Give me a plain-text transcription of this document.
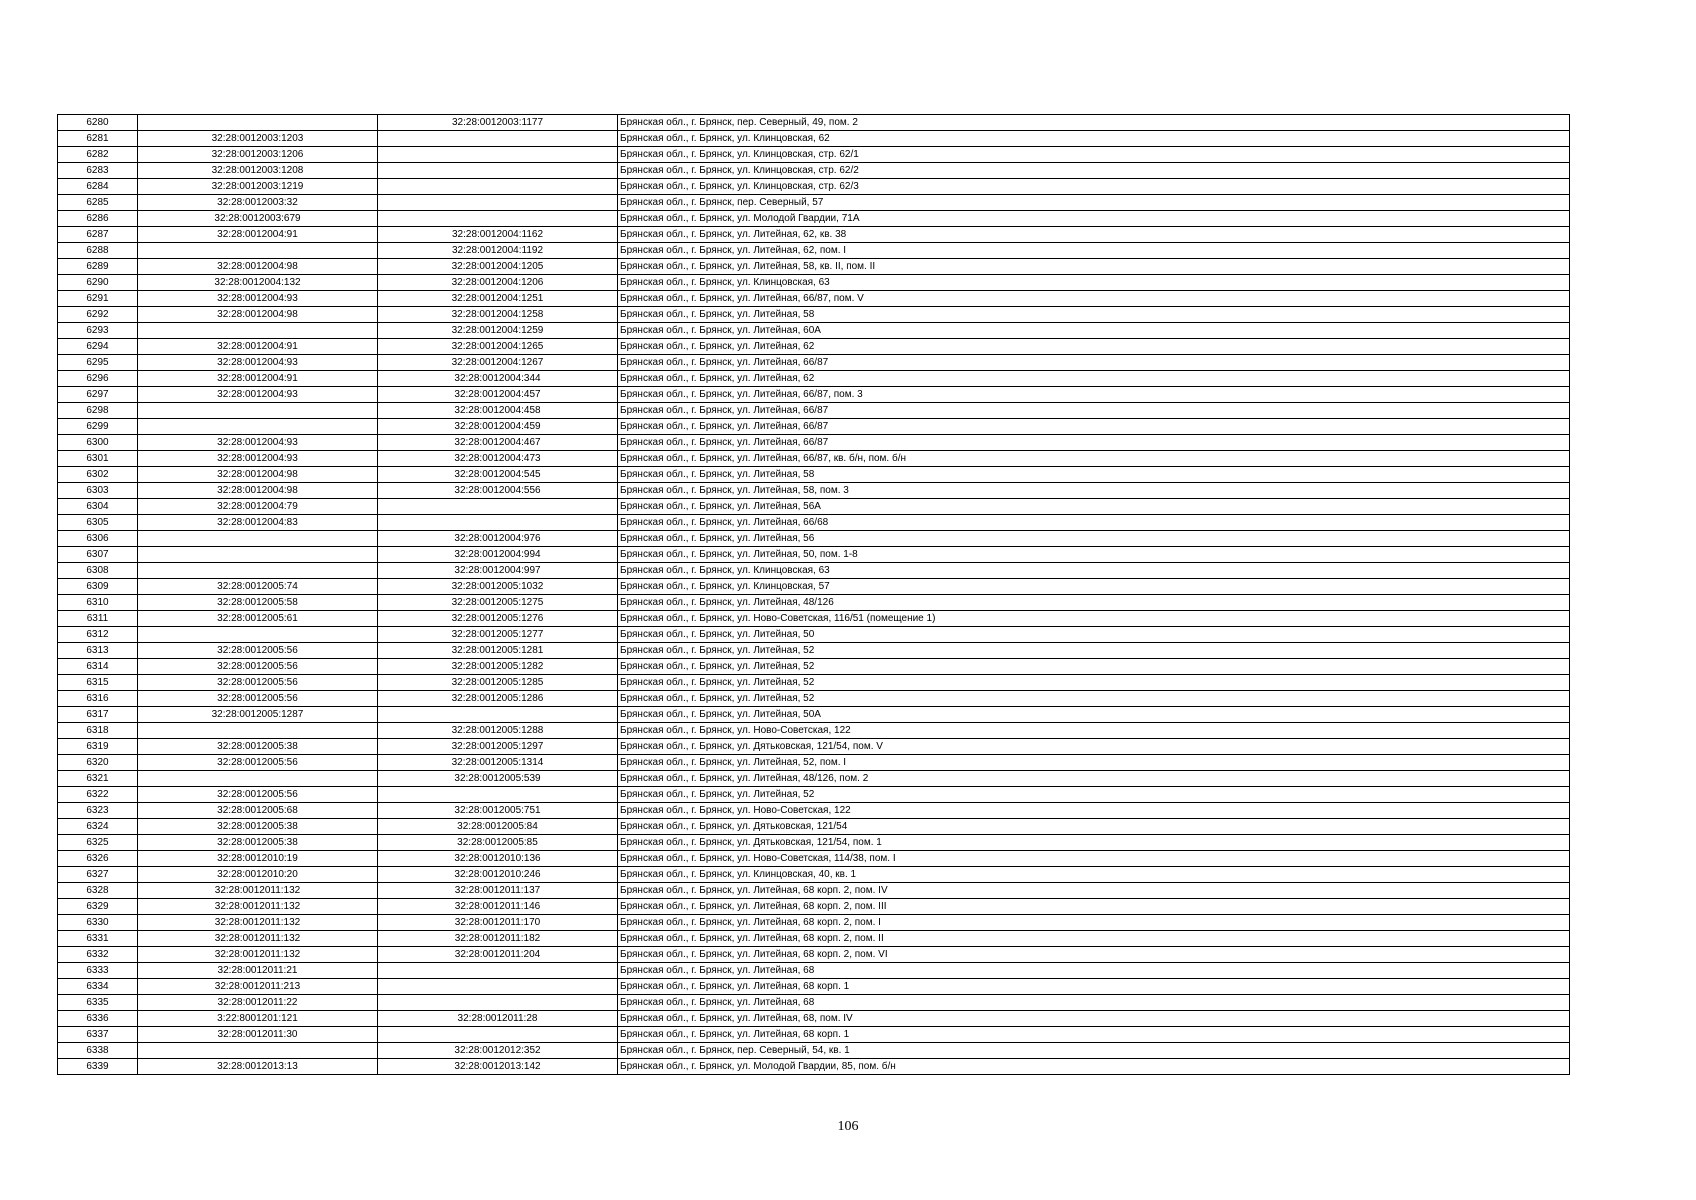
6280		32:28:0012003:1177	Брянская обл., г. Брянск, пер. Северный, 49, пом. 2
6281	32:28:0012003:1203		Брянская обл., г. Брянск, ул. Клинцовская, 62
6282	32:28:0012003:1206		Брянская обл., г. Брянск, ул. Клинцовская, стр. 62/1
6283	32:28:0012003:1208		Брянская обл., г. Брянск, ул. Клинцовская, стр. 62/2
6284	32:28:0012003:1219		Брянская обл., г. Брянск, ул. Клинцовская, стр. 62/3
6285	32:28:0012003:32		Брянская обл., г. Брянск, пер. Северный, 57
6286	32:28:0012003:679		Брянская обл., г. Брянск, ул. Молодой Гвардии, 71А
6287	32:28:0012004:91	32:28:0012004:1162	Брянская обл., г. Брянск, ул. Литейная, 62, кв. 38
6288		32:28:0012004:1192	Брянская обл., г. Брянск, ул. Литейная, 62, пом. I
6289	32:28:0012004:98	32:28:0012004:1205	Брянская обл., г. Брянск, ул. Литейная, 58, кв. II, пом. II
6290	32:28:0012004:132	32:28:0012004:1206	Брянская обл., г. Брянск, ул. Клинцовская, 63
6291	32:28:0012004:93	32:28:0012004:1251	Брянская обл., г. Брянск, ул. Литейная, 66/87, пом. V
6292	32:28:0012004:98	32:28:0012004:1258	Брянская обл., г. Брянск, ул. Литейная, 58
6293		32:28:0012004:1259	Брянская обл., г. Брянск, ул. Литейная, 60А
6294	32:28:0012004:91	32:28:0012004:1265	Брянская обл., г. Брянск, ул. Литейная, 62
6295	32:28:0012004:93	32:28:0012004:1267	Брянская обл., г. Брянск, ул. Литейная, 66/87
6296	32:28:0012004:91	32:28:0012004:344	Брянская обл., г. Брянск, ул. Литейная, 62
6297	32:28:0012004:93	32:28:0012004:457	Брянская обл., г. Брянск, ул. Литейная, 66/87, пом. 3
6298		32:28:0012004:458	Брянская обл., г. Брянск, ул. Литейная, 66/87
6299		32:28:0012004:459	Брянская обл., г. Брянск, ул. Литейная, 66/87
6300	32:28:0012004:93	32:28:0012004:467	Брянская обл., г. Брянск, ул. Литейная, 66/87
6301	32:28:0012004:93	32:28:0012004:473	Брянская обл., г. Брянск, ул. Литейная, 66/87, кв. б/н, пом. б/н
6302	32:28:0012004:98	32:28:0012004:545	Брянская обл., г. Брянск, ул. Литейная, 58
6303	32:28:0012004:98	32:28:0012004:556	Брянская обл., г. Брянск, ул. Литейная, 58, пом. 3
6304	32:28:0012004:79		Брянская обл., г. Брянск, ул. Литейная, 56А
6305	32:28:0012004:83		Брянская обл., г. Брянск, ул. Литейная, 66/68
6306		32:28:0012004:976	Брянская обл., г. Брянск, ул. Литейная, 56
6307		32:28:0012004:994	Брянская обл., г. Брянск, ул. Литейная, 50, пом. 1-8
6308		32:28:0012004:997	Брянская обл., г. Брянск, ул. Клинцовская, 63
6309	32:28:0012005:74	32:28:0012005:1032	Брянская обл., г. Брянск, ул. Клинцовская, 57
6310	32:28:0012005:58	32:28:0012005:1275	Брянская обл., г. Брянск, ул. Литейная, 48/126
6311	32:28:0012005:61	32:28:0012005:1276	Брянская обл., г. Брянск, ул. Ново-Советская, 116/51 (помещение 1)
6312		32:28:0012005:1277	Брянская обл., г. Брянск, ул. Литейная, 50
6313	32:28:0012005:56	32:28:0012005:1281	Брянская обл., г. Брянск, ул. Литейная, 52
6314	32:28:0012005:56	32:28:0012005:1282	Брянская обл., г. Брянск, ул. Литейная, 52
6315	32:28:0012005:56	32:28:0012005:1285	Брянская обл., г. Брянск, ул. Литейная, 52
6316	32:28:0012005:56	32:28:0012005:1286	Брянская обл., г. Брянск, ул. Литейная, 52
6317	32:28:0012005:1287		Брянская обл., г. Брянск, ул. Литейная, 50А
6318		32:28:0012005:1288	Брянская обл., г. Брянск, ул. Ново-Советская, 122
6319	32:28:0012005:38	32:28:0012005:1297	Брянская обл., г. Брянск, ул. Дятьковская, 121/54, пом. V
6320	32:28:0012005:56	32:28:0012005:1314	Брянская обл., г. Брянск, ул. Литейная, 52, пом. I
6321		32:28:0012005:539	Брянская обл., г. Брянск, ул. Литейная, 48/126, пом. 2
6322	32:28:0012005:56		Брянская обл., г. Брянск, ул. Литейная, 52
6323	32:28:0012005:68	32:28:0012005:751	Брянская обл., г. Брянск, ул. Ново-Советская, 122
6324	32:28:0012005:38	32:28:0012005:84	Брянская обл., г. Брянск, ул. Дятьковская, 121/54
6325	32:28:0012005:38	32:28:0012005:85	Брянская обл., г. Брянск, ул. Дятьковская, 121/54, пом. 1
6326	32:28:0012010:19	32:28:0012010:136	Брянская обл., г. Брянск, ул. Ново-Советская, 114/38, пом. I
6327	32:28:0012010:20	32:28:0012010:246	Брянская обл., г. Брянск, ул. Клинцовская, 40, кв. 1
6328	32:28:0012011:132	32:28:0012011:137	Брянская обл., г. Брянск, ул. Литейная, 68 корп. 2, пом. IV
6329	32:28:0012011:132	32:28:0012011:146	Брянская обл., г. Брянск, ул. Литейная, 68 корп. 2, пом. III
6330	32:28:0012011:132	32:28:0012011:170	Брянская обл., г. Брянск, ул. Литейная, 68 корп. 2, пом. I
6331	32:28:0012011:132	32:28:0012011:182	Брянская обл., г. Брянск, ул. Литейная, 68 корп. 2, пом. II
6332	32:28:0012011:132	32:28:0012011:204	Брянская обл., г. Брянск, ул. Литейная, 68 корп. 2, пом. VI
6333	32:28:0012011:21		Брянская обл., г. Брянск, ул. Литейная, 68
6334	32:28:0012011:213		Брянская обл., г. Брянск, ул. Литейная, 68 корп. 1
6335	32:28:0012011:22		Брянская обл., г. Брянск, ул. Литейная, 68
6336	3:22:8001201:121	32:28:0012011:28	Брянская обл., г. Брянск, ул. Литейная, 68, пом. IV
6337	32:28:0012011:30		Брянская обл., г. Брянск, ул. Литейная, 68 корп. 1
6338		32:28:0012012:352	Брянская обл., г. Брянск, пер. Северный, 54, кв. 1
6339	32:28:0012013:13	32:28:0012013:142	Брянская обл., г. Брянск, ул. Молодой Гвардии, 85, пом. б/н
106
